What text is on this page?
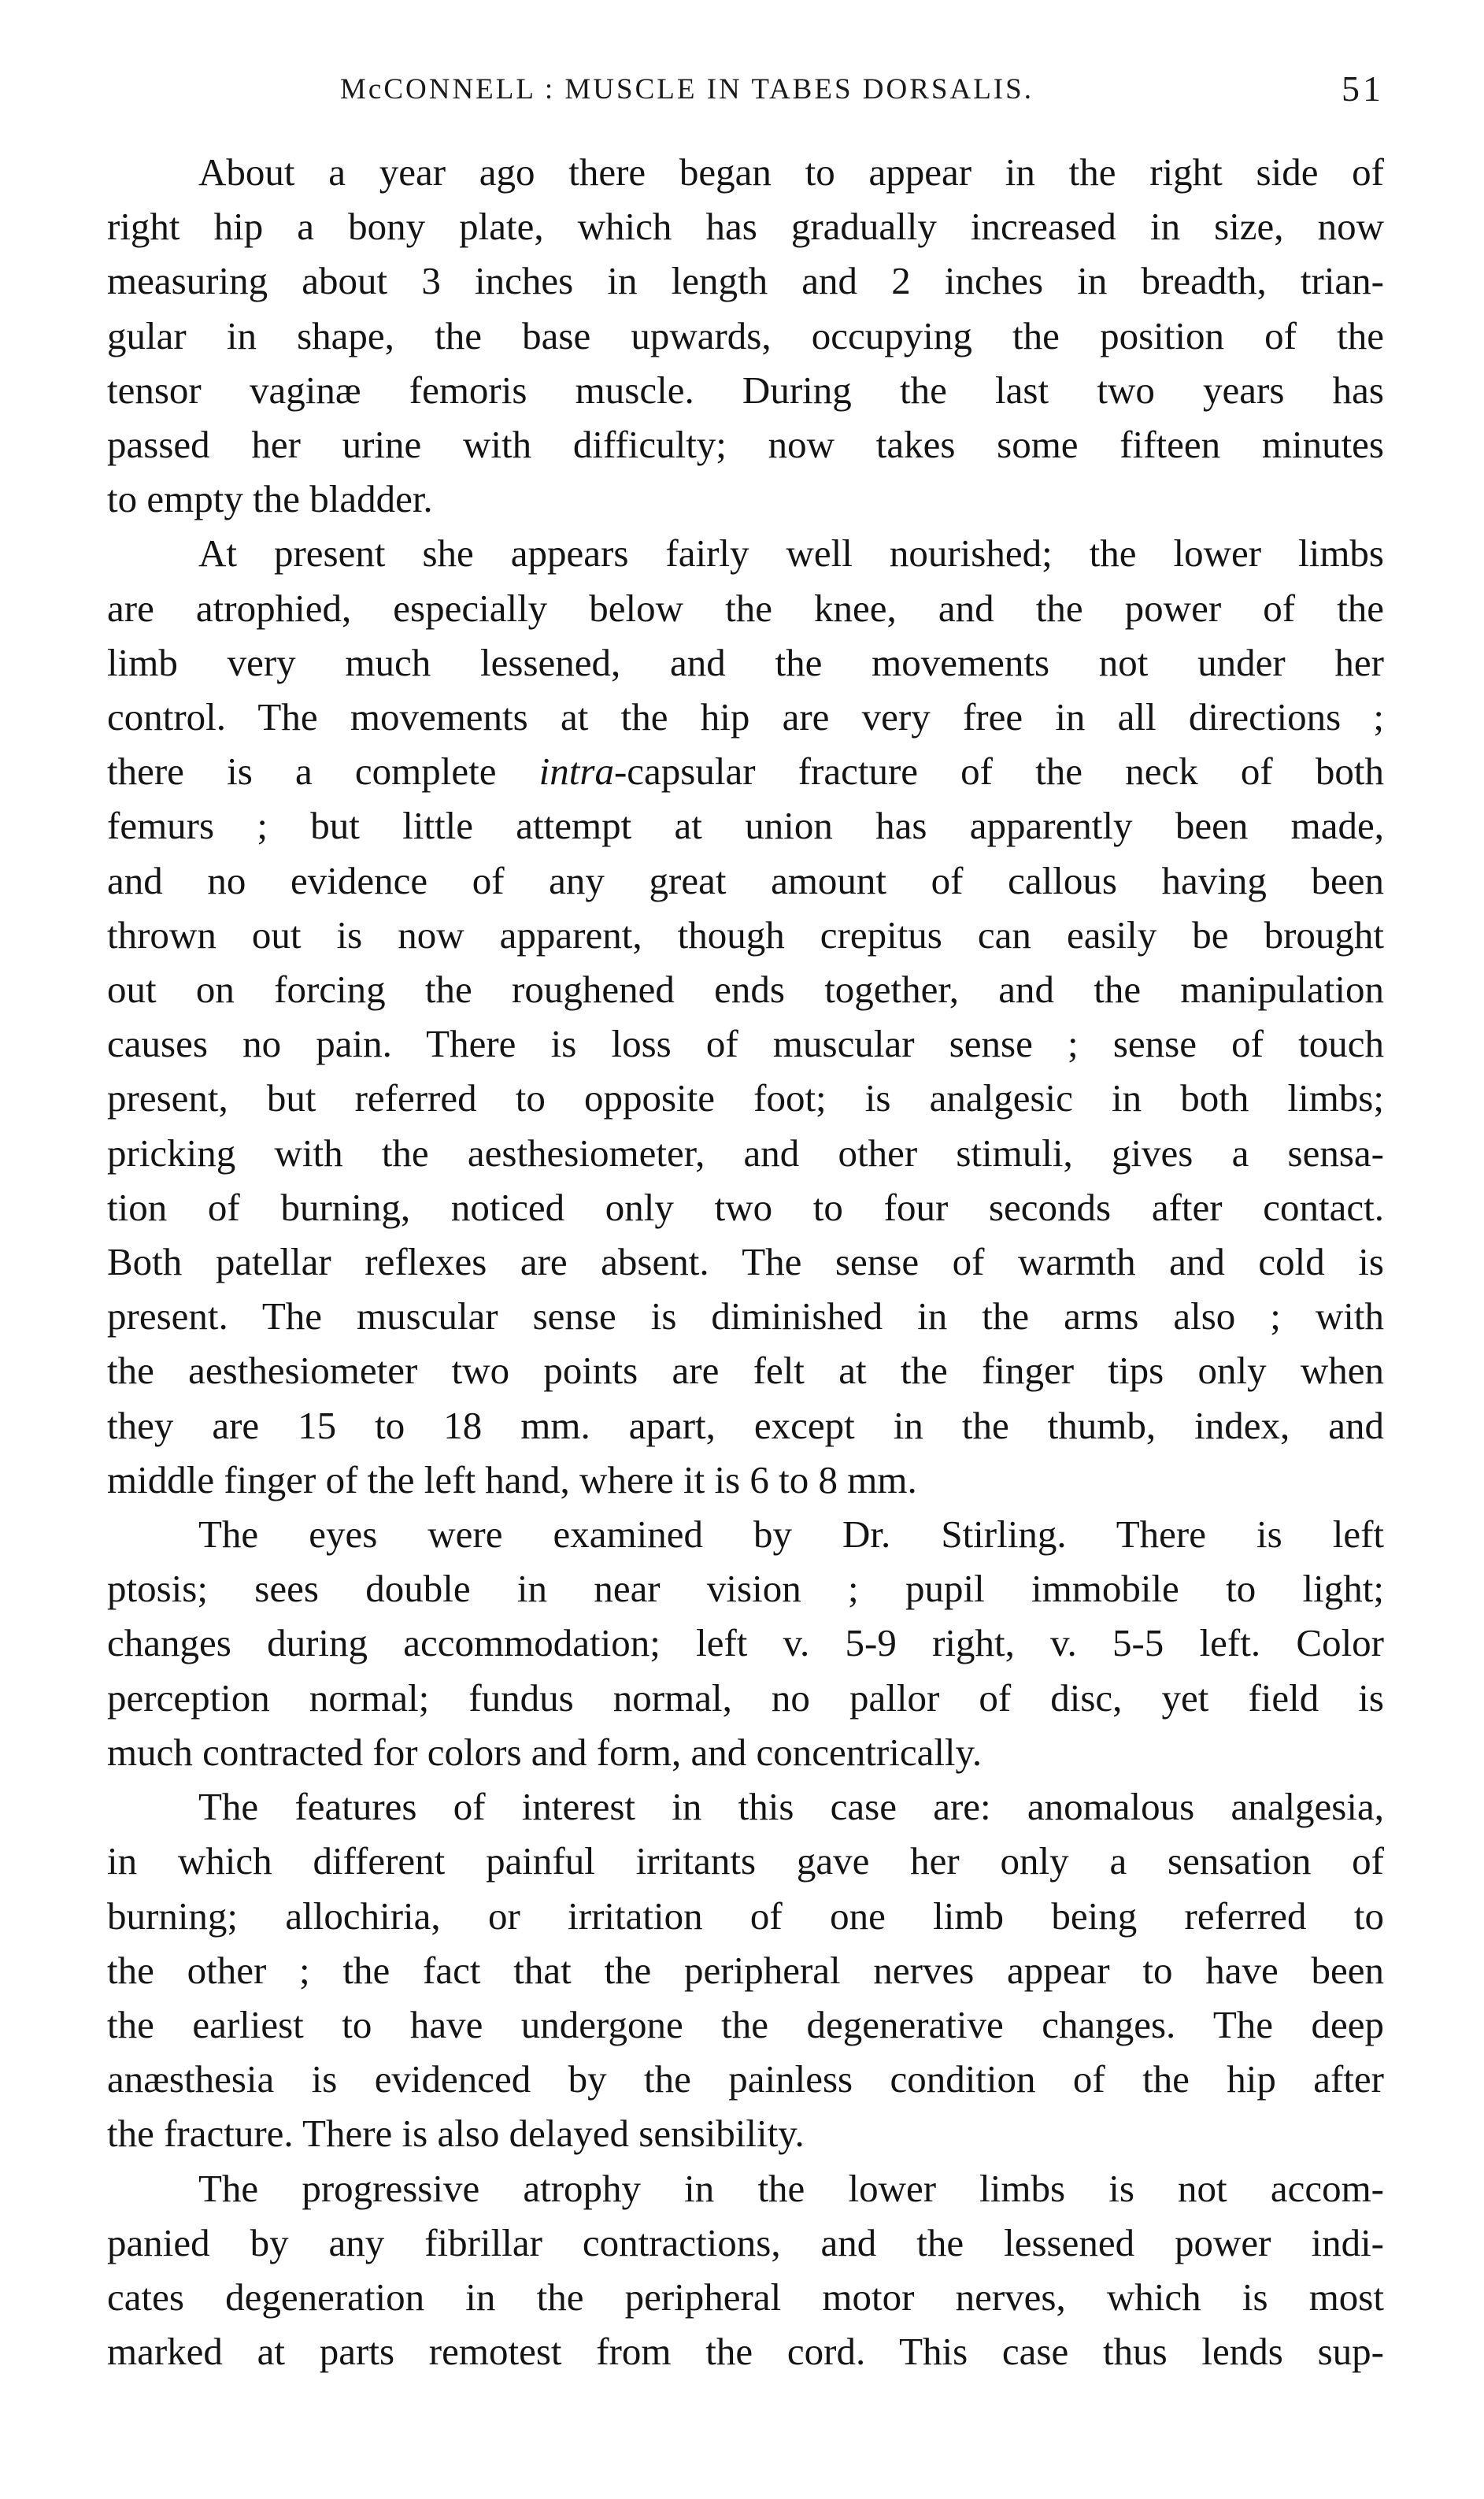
McCONNELL : MUSCLE IN TABES DORSALIS.	51

About a year ago there began to appear in the right side of
right hip a bony plate, which has gradually increased in size, now
measuring about 3 inches in length and 2 inches in breadth, trian-
gular in shape, the base upwards, occupying the position of the
tensor vaginæ femoris muscle. During the last two years has
passed her urine with difficulty; now takes some fifteen minutes
to empty the bladder.

At present she appears fairly well nourished; the lower limbs
are atrophied, especially below the knee, and the power of the
limb very much lessened, and the movements not under her
control. The movements at the hip are very free in all directions ;
there is a complete intra-capsular fracture of the neck of both
femurs ; but little attempt at union has apparently been made,
and no evidence of any great amount of callous having been
thrown out is now apparent, though crepitus can easily be brought
out on forcing the roughened ends together, and the manipulation
causes no pain. There is loss of muscular sense ; sense of touch
present, but referred to opposite foot; is analgesic in both limbs;
pricking with the aesthesiometer, and other stimuli, gives a sensa-
tion of burning, noticed only two to four seconds after contact.
Both patellar reflexes are absent. The sense of warmth and cold is
present. The muscular sense is diminished in the arms also ; with
the aesthesiometer two points are felt at the finger tips only when
they are 15 to 18 mm. apart, except in the thumb, index, and
middle finger of the left hand, where it is 6 to 8 mm.

The eyes were examined by Dr. Stirling. There is left
ptosis; sees double in near vision ; pupil immobile to light;
changes during accommodation; left v. 5-9 right, v. 5-5 left. Color
perception normal; fundus normal, no pallor of disc, yet field is
much contracted for colors and form, and concentrically.

The features of interest in this case are: anomalous analgesia,
in which different painful irritants gave her only a sensation of
burning; allochiria, or irritation of one limb being referred to
the other ; the fact that the peripheral nerves appear to have been
the earliest to have undergone the degenerative changes. The deep
anæsthesia is evidenced by the painless condition of the hip after
the fracture. There is also delayed sensibility.

The progressive atrophy in the lower limbs is not accom-
panied by any fibrillar contractions, and the lessened power indi-
cates degeneration in the peripheral motor nerves, which is most
marked at parts remotest from the cord. This case thus lends sup-
